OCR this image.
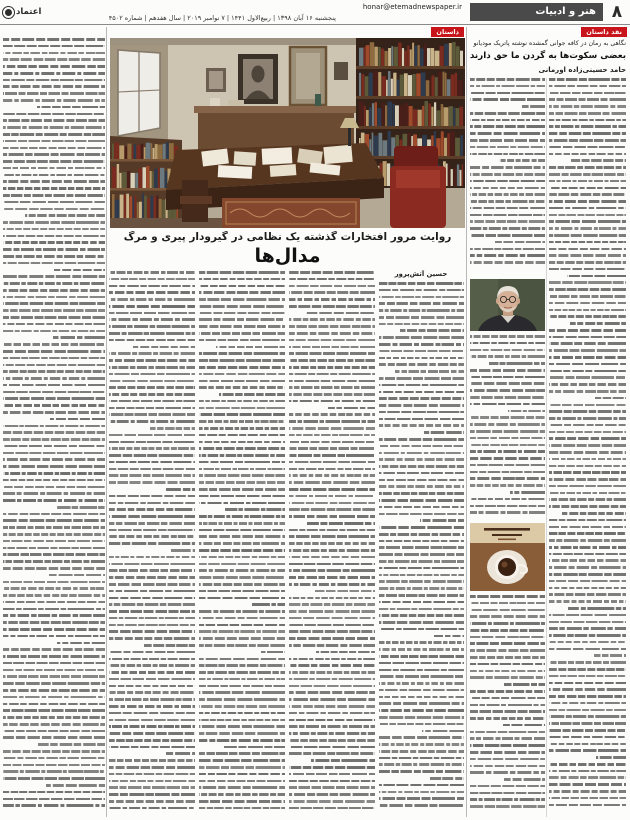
۸
هنر و ادبیات
honar@etemadnewspaper.ir
پنجشنبه ۱۶ آبان ۱۳۹۸ | ربیع‌الاول ۱۴۴۱ | ۷ نوامبر ۲۰۱۹ | سال هفدهم | شماره ۴۵۰۲
اعتماد
نقد داستان
نگاهی به رمان در کافه جوانی گمشده نوشته پاتریک مودیانو
بعضی سکوت‌ها به گردن ما حق دارند
حامد حسینی‌زاده اورمانی
داستان
روایت مرور افتخارات گذشته یک نظامی در گیرودار پیری و مرگ
مدال‌ها
حسین آتش‌پرور
